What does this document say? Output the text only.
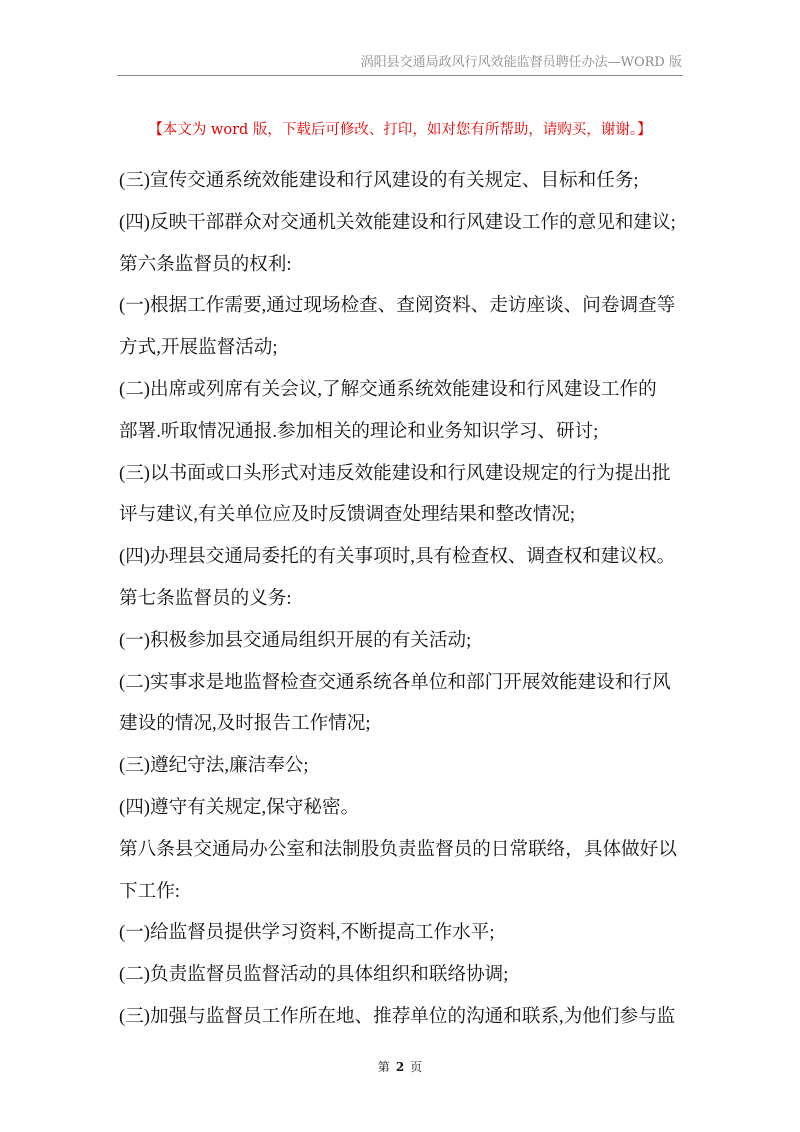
涡阳县交通局政风行风效能监督员聘任办法—WORD 版
【本文为 word 版，下载后可修改、打印，如对您有所帮助，请购买，谢谢。】
(三)宣传交通系统效能建设和行风建设的有关规定、目标和任务;
(四)反映干部群众对交通机关效能建设和行风建设工作的意见和建议;
第六条监督员的权利:
(一)根据工作需要,通过现场检查、查阅资料、走访座谈、问卷调查等
方式,开展监督活动;
(二)出席或列席有关会议,了解交通系统效能建设和行风建设工作的
部署.听取情况通报.参加相关的理论和业务知识学习、研讨;
(三)以书面或口头形式对违反效能建设和行风建设规定的行为提出批
评与建议,有关单位应及时反馈调查处理结果和整改情况;
(四)办理县交通局委托的有关事项时,具有检查权、调查权和建议权。
第七条监督员的义务:
(一)积极参加县交通局组织开展的有关活动;
(二)实事求是地监督检查交通系统各单位和部门开展效能建设和行风
建设的情况,及时报告工作情况;
(三)遵纪守法,廉洁奉公;
(四)遵守有关规定,保守秘密。
第八条县交通局办公室和法制股负责监督员的日常联络，具体做好以
下工作:
(一)给监督员提供学习资料,不断提高工作水平;
(二)负责监督员监督活动的具体组织和联络协调;
(三)加强与监督员工作所在地、推荐单位的沟通和联系,为他们参与监
第 2 页
